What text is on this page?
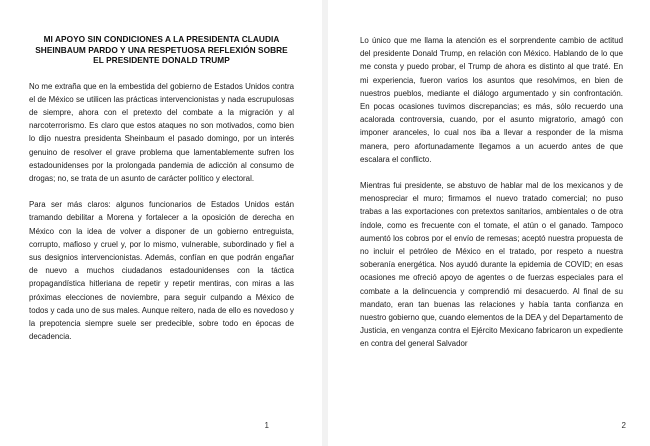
MI APOYO SIN CONDICIONES A LA PRESIDENTA CLAUDIA SHEINBAUM PARDO Y UNA RESPETUOSA REFLEXIÓN SOBRE EL PRESIDENTE DONALD TRUMP

No me extraña que en la embestida del gobierno de Estados Unidos contra el de México se utilicen las prácticas intervencionistas y nada escrupulosas de siempre, ahora con el pretexto del combate a la migración y al narcoterrorismo. Es claro que estos ataques no son motivados, como bien lo dijo nuestra presidenta Sheinbaum el pasado domingo, por un interés genuino de resolver el grave problema que lamentablemente sufren los estadounidenses por la prolongada pandemia de adicción al consumo de drogas; no, se trata de un asunto de carácter político y electoral.

Para ser más claros: algunos funcionarios de Estados Unidos están tramando debilitar a Morena y fortalecer a la oposición de derecha en México con la idea de volver a disponer de un gobierno entreguista, corrupto, mafioso y cruel y, por lo mismo, vulnerable, subordinado y fiel a sus designios intervencionistas. Además, confían en que podrán engañar de nuevo a muchos ciudadanos estadounidenses con la táctica propagandística hitleriana de repetir y repetir mentiras, con miras a las próximas elecciones de noviembre, para seguir culpando a México de todos y cada uno de sus males. Aunque reitero, nada de ello es novedoso y la prepotencia siempre suele ser predecible, sobre todo en épocas de decadencia.

1

Lo único que me llama la atención es el sorprendente cambio de actitud del presidente Donald Trump, en relación con México. Hablando de lo que me consta y puedo probar, el Trump de ahora es distinto al que traté. En mi experiencia, fueron varios los asuntos que resolvimos, en bien de nuestros pueblos, mediante el diálogo argumentado y sin confrontación. En pocas ocasiones tuvimos discrepancias; es más, sólo recuerdo una acalorada controversia, cuando, por el asunto migratorio, amagó con imponer aranceles, lo cual nos iba a llevar a responder de la misma manera, pero afortunadamente llegamos a un acuerdo antes de que escalara el conflicto.

Mientras fui presidente, se abstuvo de hablar mal de los mexicanos y de menospreciar el muro; firmamos el nuevo tratado comercial; no puso trabas a las exportaciones con pretextos sanitarios, ambientales o de otra índole, como es frecuente con el tomate, el atún o el ganado. Tampoco aumentó los cobros por el envío de remesas; aceptó nuestra propuesta de no incluir el petróleo de México en el tratado, por respeto a nuestra soberanía energética. Nos ayudó durante la epidemia de COVID; en esas ocasiones me ofreció apoyo de agentes o de fuerzas especiales para el combate a la delincuencia y comprendió mi desacuerdo. Al final de su mandato, eran tan buenas las relaciones y había tanta confianza en nuestro gobierno que, cuando elementos de la DEA y del Departamento de Justicia, en venganza contra el Ejército Mexicano fabricaron un expediente en contra del general Salvador

2
